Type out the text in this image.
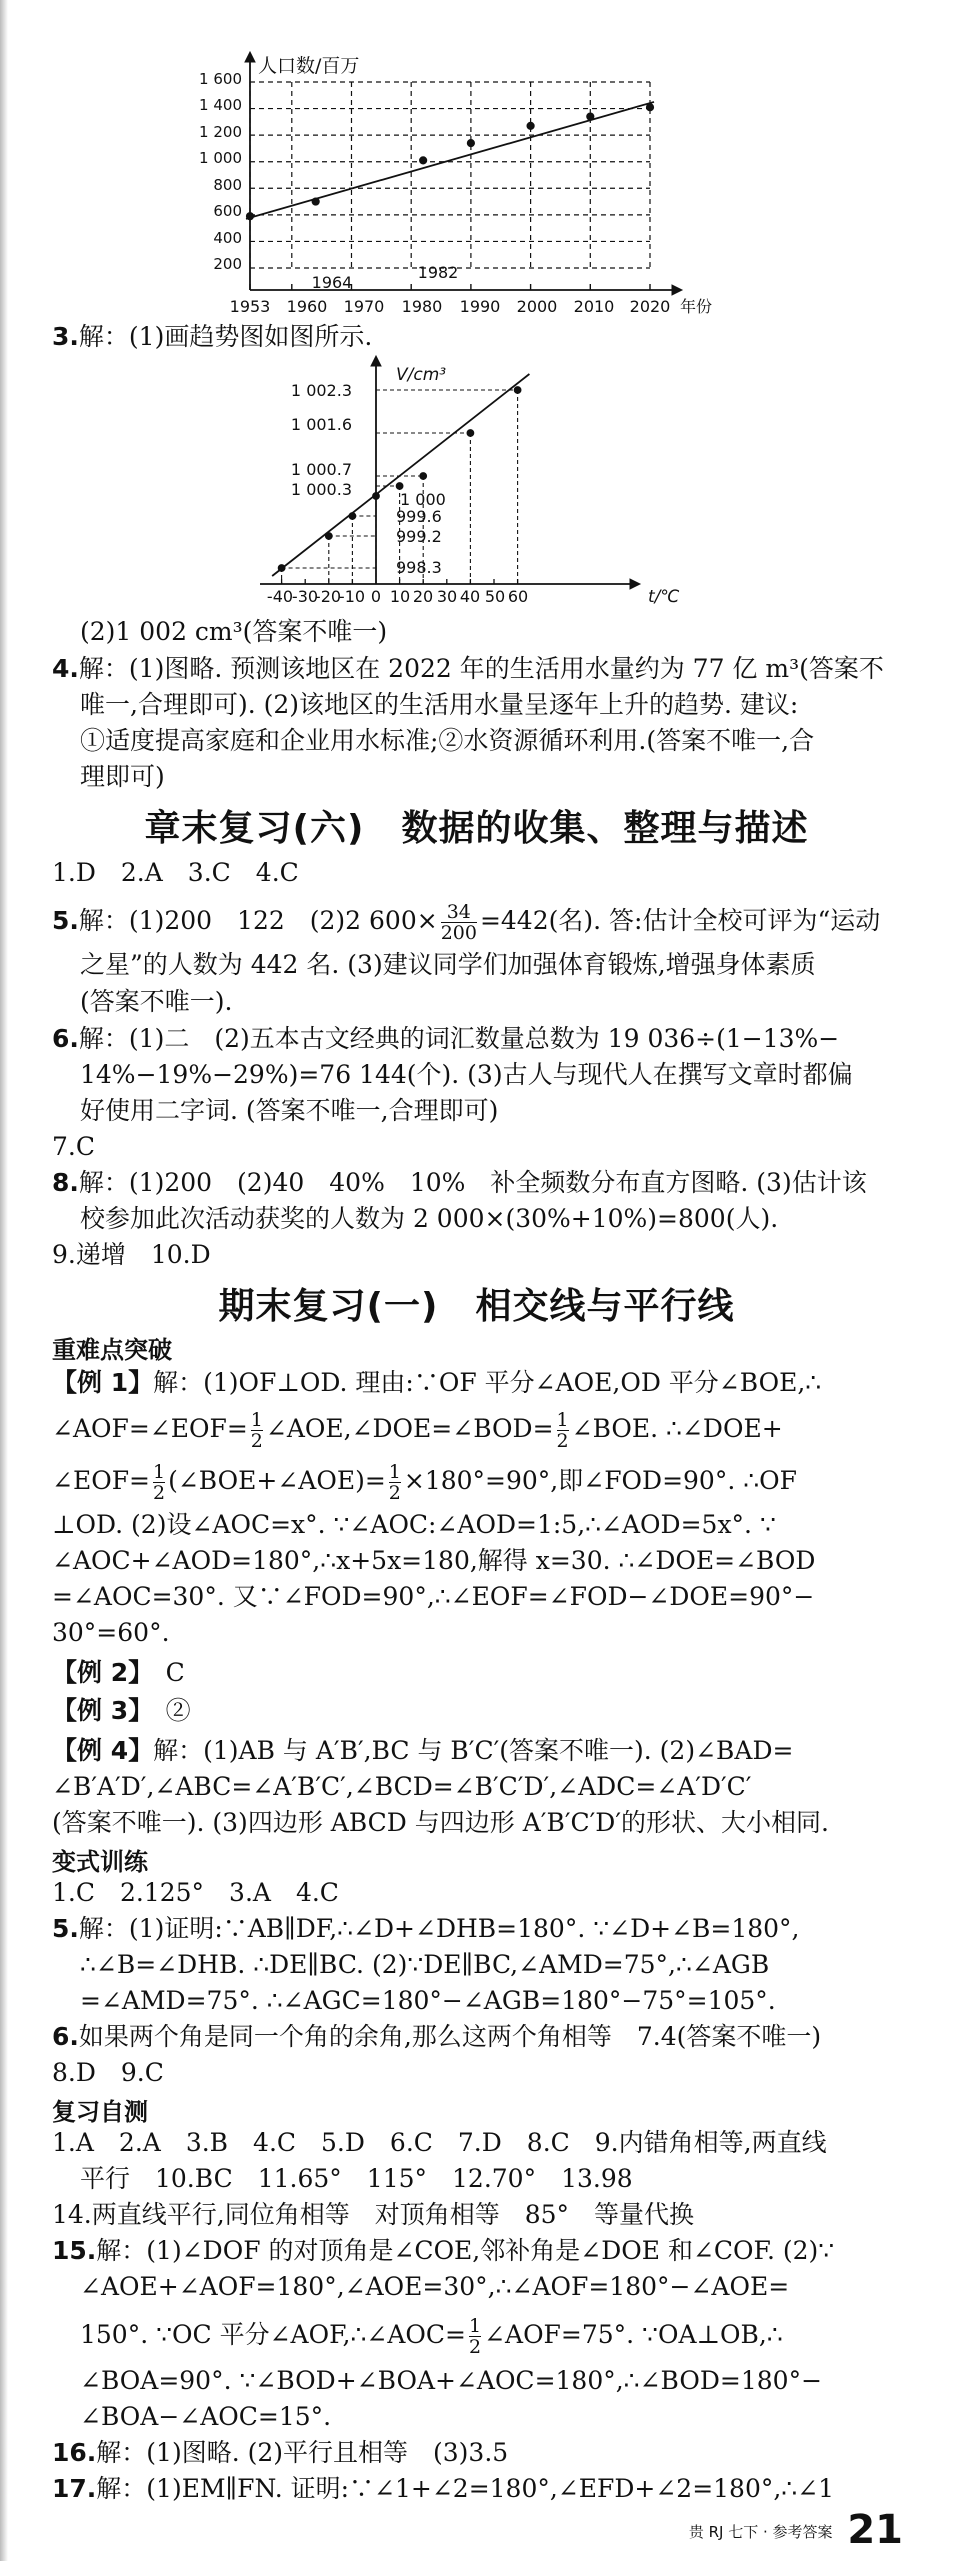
人口数/百万
年份
1 600
1 400
1 200
1 000
800
600
400
200
1953 1960 1970 1980 1990 2000 2010 2020
1964
1982
V/cm³
t/℃
1 002.3
1 001.6
1 000.7
1 000.3
1 000
999.6
999.2
998.3
-40
-30
-20
-10 0 10 20 30 40 50 60
3.解：(1)画趋势图如图所示.
(2)1 002 cm³(答案不唯一)
4.解：(1)图略. 预测该地区在 2022 年的生活用水量约为 77 亿 m³(答案不
唯一,合理即可). (2)该地区的生活用水量呈逐年上升的趋势. 建议:
①适度提高家庭和企业用水标准;②水资源循环利用.(答案不唯一,合
理即可)
章末复习(六)　数据的收集、整理与描述
1.D　2.A　3.C　4.C
5.解：(1)200　122　(2)2 $600\times \frac{34}{200} =442$(名). 答:估计全校可评为“运动
之星”的人数为 442 名. (3)建议同学们加强体育锻炼,增强身体素质
(答案不唯一).
6.解：(1)二　(2)五本古文经典的词汇数量总数为 19 036÷(1−13%−
14%−19%−29%)=76 144(个). (3)古人与现代人在撰写文章时都偏
好使用二字词. (答案不唯一,合理即可)
7.C
8.解：(1)200　(2)40　40%　10%　补全频数分布直方图略. (3)估计该
校参加此次活动获奖的人数为 2 000×(30%+10%)=800(人).
9.递增　10.D
期末复习(一)　相交线与平行线
重难点突破
【例 1】解：(1)OF⊥OD. 理由:∵OF 平分∠AOE,OD 平分∠BOE,∴
∠AOF=∠EOF= $\frac{1}{2}$ ∠AOE,∠DOE=∠BOD= $\frac{1}{2}$ ∠BOE. ∴∠DOE+
∠EOF= $\frac{1}{2}$ (∠BOE+∠AOE)= $\frac{1}{2} \times 180^\circ=90^\circ$,即∠FOD=90°. ∴OF
⊥OD. (2)设∠AOC=x°. ∵∠AOC:∠AOD=1:5,∴∠AOD=5x°. ∵
∠AOC+∠AOD=180°,∴x+5x=180,解得 x=30. ∴∠DOE=∠BOD
=∠AOC=30°. 又∵∠FOD=90°,∴∠EOF=∠FOD−∠DOE=90°−
30°=60°.
【例 2】　 C
【例 3】　 ②
【例 4】解：(1)AB 与 A′B′,BC 与 B′C′(答案不唯一). (2)∠BAD=
∠B′A′D′,∠ABC=∠A′B′C′,∠BCD=∠B′C′D′,∠ADC=∠A′D′C′
(答案不唯一). (3)四边形 ABCD 与四边形 A′B′C′D′的形状、大小相同.
变式训练
1.C　2.125°　3.A　4.C
5.解：(1)证明:∵AB∥DF,∴∠D+∠DHB=180°. ∵∠D+∠B=180°,
∴∠B=∠DHB. ∴DE∥BC. (2)∵DE∥BC,∠AMD=75°,∴∠AGB
=∠AMD=75°. ∴∠AGC=180°−∠AGB=180°−75°=105°.
6.如果两个角是同一个角的余角,那么这两个角相等　7.4(答案不唯一)
8.D　9.C
复习自测
1.A　2.A　3.B　4.C　5.D　6.C　7.D　8.C　9.内错角相等,两直线
平行　10.BC　11.65°　115°　12.70°　13.98
14.两直线平行,同位角相等　对顶角相等　85°　等量代换
15.解：(1)∠DOF 的对顶角是∠COE,邻补角是∠DOE 和∠COF. (2)∵
∠AOE+∠AOF=180°,∠AOE=30°,∴∠AOF=180°−∠AOE=
150°. ∵OC 平分∠AOF,∴∠AOC= $\frac{1}{2}$ ∠AOF=75°. ∵OA⊥OB,∴
∠BOA=90°. ∵∠BOD+∠BOA+∠AOC=180°,∴∠BOD=180°−
∠BOA−∠AOC=15°.
16.解：(1)图略. (2)平行且相等　(3)3.5
17.解：(1)EM∥FN. 证明:∵∠1+∠2=180°,∠EFD+∠2=180°,∴∠1
贵 RJ 七下 · 参考答案 21
